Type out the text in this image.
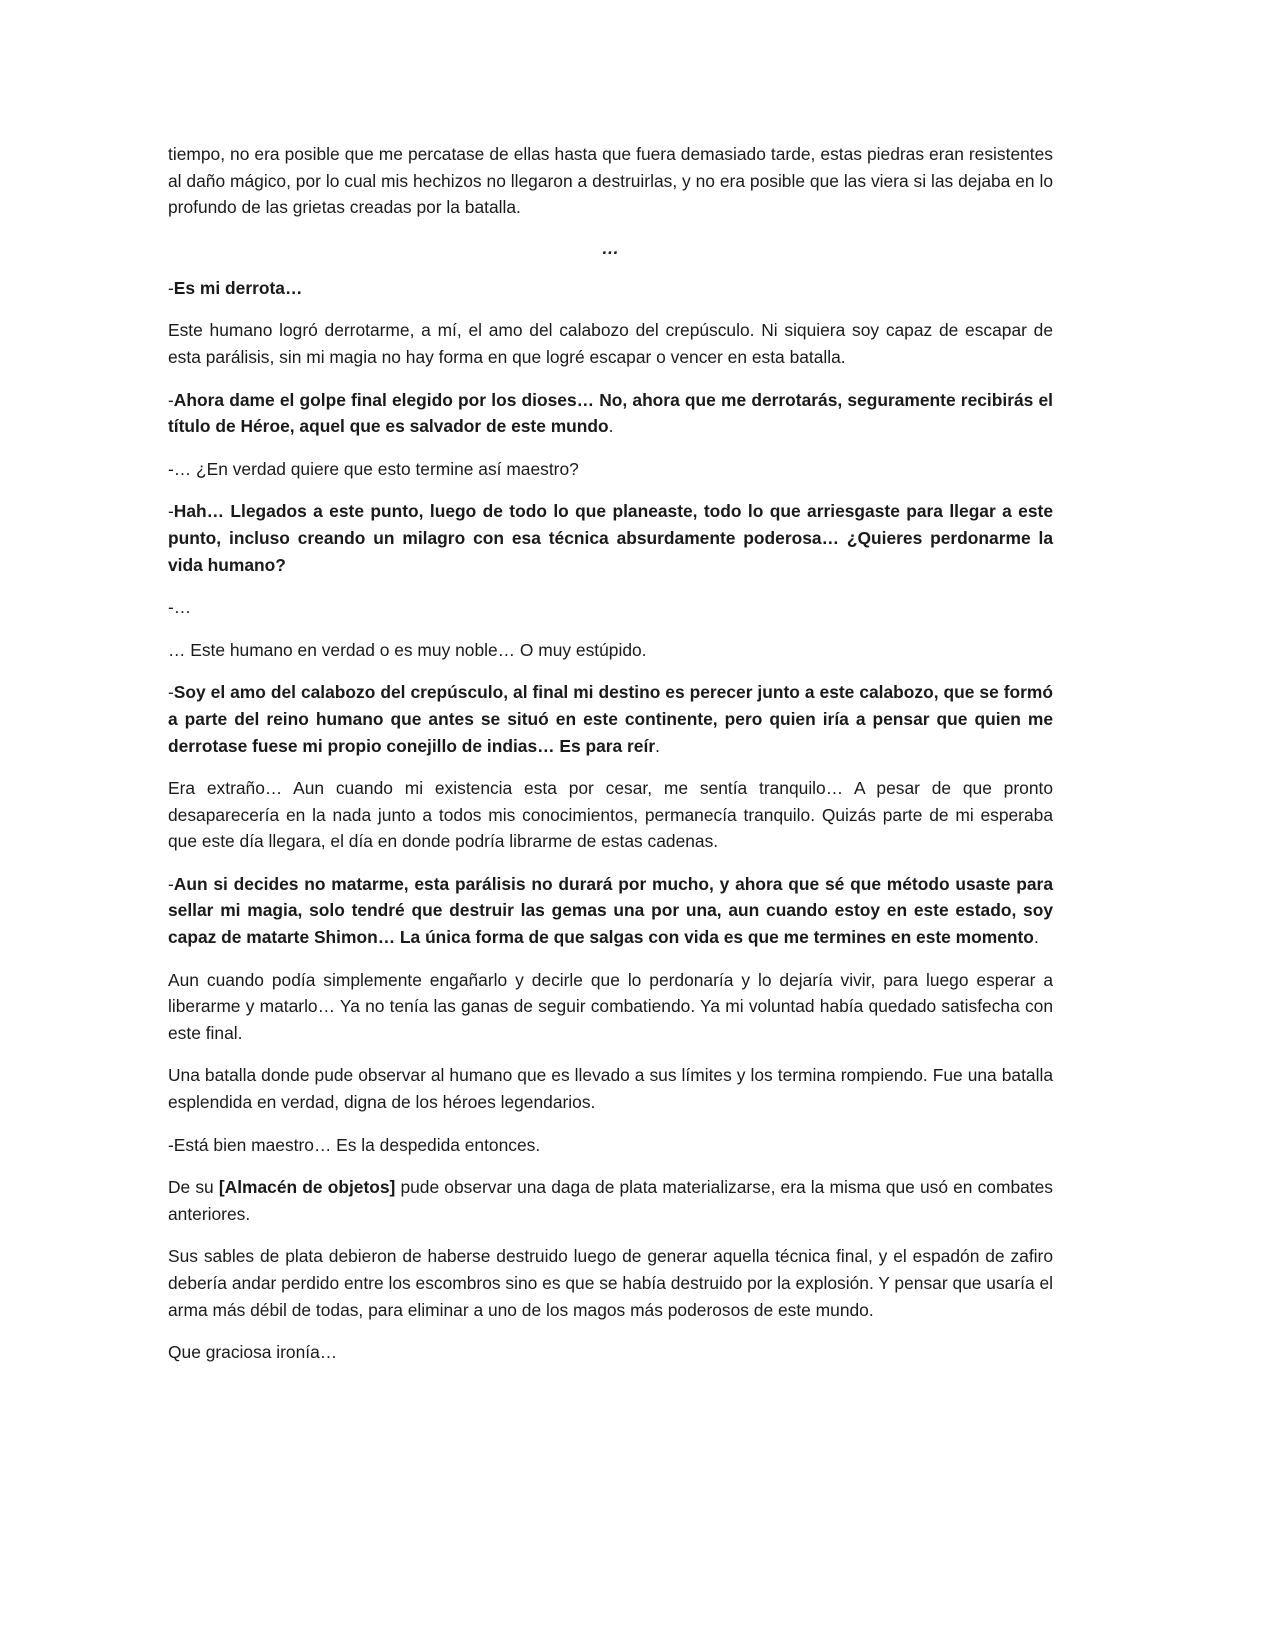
tiempo, no era posible que me percatase de ellas hasta que fuera demasiado tarde, estas piedras eran resistentes al daño mágico, por lo cual mis hechizos no llegaron a destruirlas, y no era posible que las viera si las dejaba en lo profundo de las grietas creadas por la batalla.

…

-Es mi derrota…

Este humano logró derrotarme, a mí, el amo del calabozo del crepúsculo. Ni siquiera soy capaz de escapar de esta parálisis, sin mi magia no hay forma en que logré escapar o vencer en esta batalla.

-Ahora dame el golpe final elegido por los dioses… No, ahora que me derrotarás, seguramente recibirás el título de Héroe, aquel que es salvador de este mundo.

-… ¿En verdad quiere que esto termine así maestro?

-Hah… Llegados a este punto, luego de todo lo que planeaste, todo lo que arriesgaste para llegar a este punto, incluso creando un milagro con esa técnica absurdamente poderosa… ¿Quieres perdonarme la vida humano?

-…

… Este humano en verdad o es muy noble… O muy estúpido.

-Soy el amo del calabozo del crepúsculo, al final mi destino es perecer junto a este calabozo, que se formó a parte del reino humano que antes se situó en este continente, pero quien iría a pensar que quien me derrotase fuese mi propio conejillo de indias… Es para reír.

Era extraño… Aun cuando mi existencia esta por cesar, me sentía tranquilo… A pesar de que pronto desaparecería en la nada junto a todos mis conocimientos, permanecía tranquilo. Quizás parte de mi esperaba que este día llegara, el día en donde podría librarme de estas cadenas.

-Aun si decides no matarme, esta parálisis no durará por mucho, y ahora que sé que método usaste para sellar mi magia, solo tendré que destruir las gemas una por una, aun cuando estoy en este estado, soy capaz de matarte Shimon… La única forma de que salgas con vida es que me termines en este momento.

Aun cuando podía simplemente engañarlo y decirle que lo perdonaría y lo dejaría vivir, para luego esperar a liberarme y matarlo… Ya no tenía las ganas de seguir combatiendo. Ya mi voluntad había quedado satisfecha con este final.

Una batalla donde pude observar al humano que es llevado a sus límites y los termina rompiendo. Fue una batalla esplendida en verdad, digna de los héroes legendarios.

-Está bien maestro… Es la despedida entonces.

De su [Almacén de objetos] pude observar una daga de plata materializarse, era la misma que usó en combates anteriores.

Sus sables de plata debieron de haberse destruido luego de generar aquella técnica final, y el espadón de zafiro debería andar perdido entre los escombros sino es que se había destruido por la explosión. Y pensar que usaría el arma más débil de todas, para eliminar a uno de los magos más poderosos de este mundo.

Que graciosa ironía…
